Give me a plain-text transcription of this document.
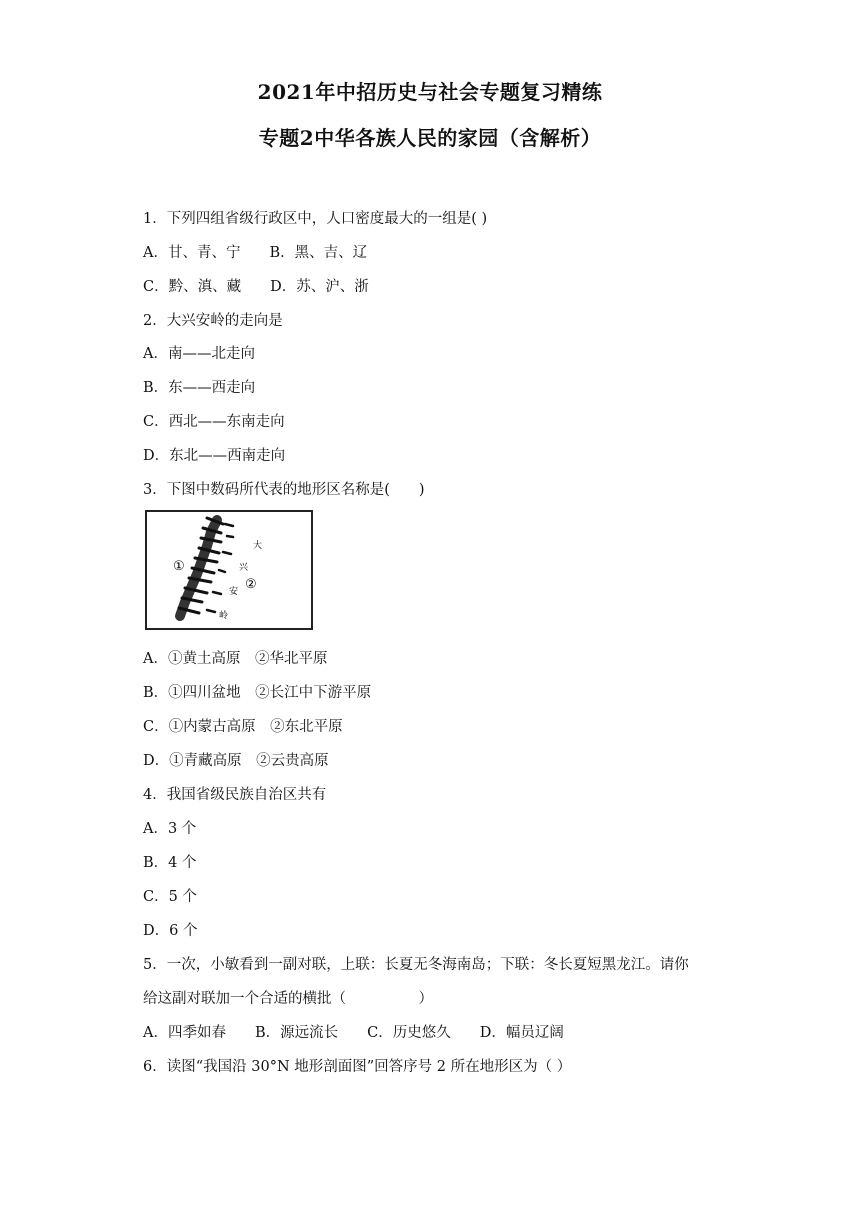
2021年中招历史与社会专题复习精练
专题2中华各族人民的家园（含解析）
1．下列四组省级行政区中，人口密度最大的一组是( )
A．甘、青、宁　　B．黑、吉、辽
C．黔、滇、藏　　D．苏、沪、浙
2．大兴安岭的走向是
A．南——北走向
B．东——西走向
C．西北——东南走向
D．东北——西南走向
3．下图中数码所代表的地形区名称是(　　)
①
②
大
兴
安
岭
A．①黄土高原　②华北平原
B．①四川盆地　②长江中下游平原
C．①内蒙古高原　②东北平原
D．①青藏高原　②云贵高原
4．我国省级民族自治区共有
A．3 个
B．4 个
C．5 个
D．6 个
5．一次，小敏看到一副对联，上联：长夏无冬海南岛；下联：冬长夏短黑龙江。请你
给这副对联加一个合适的横批（　　　　　）
A．四季如春　　B．源远流长　　C．历史悠久　　D．幅员辽阔
6．读图“我国沿 30°N 地形剖面图”回答序号 2 所在地形区为（ ）
